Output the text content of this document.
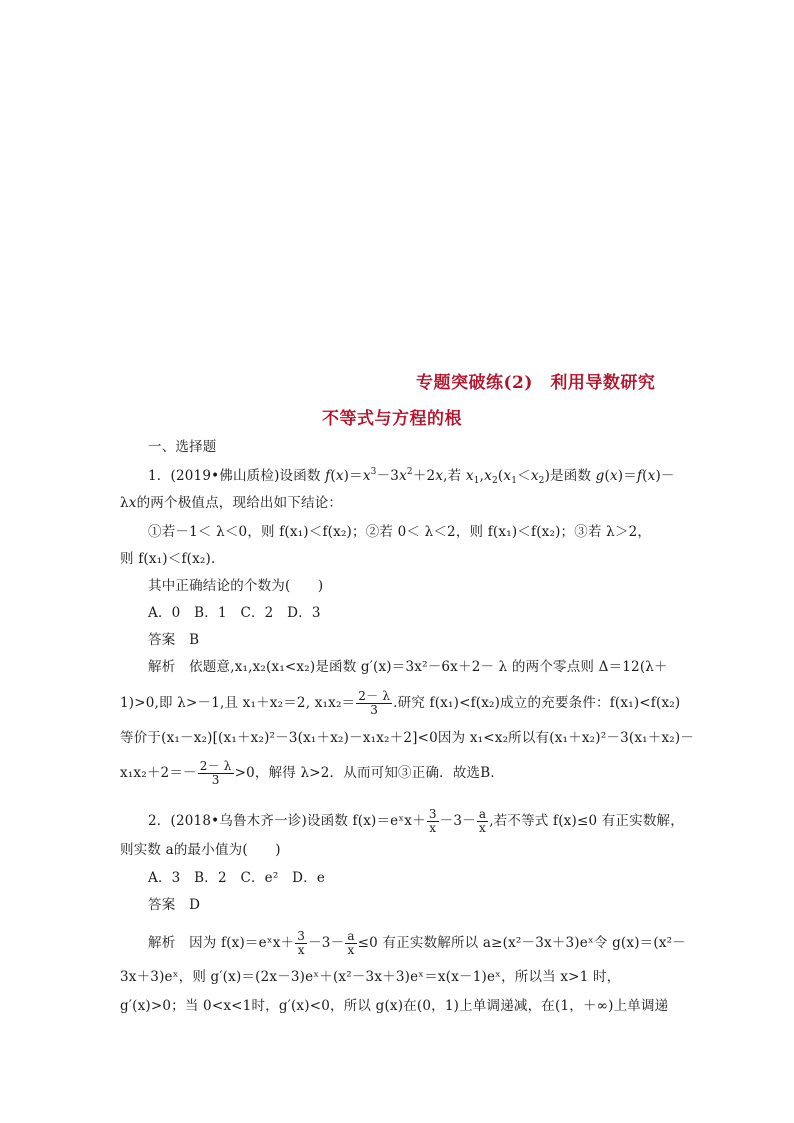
专题突破练(2)　利用导数研究
不等式与方程的根
一、选择题
1．(2019•佛山质检)设函数 $f(x)=x^3-3x^2+2x$,若 $x_1,x_2(x_1<x_2)$是函数 g(x)＝f(x)－
λx的两个极值点，现给出如下结论：
①若－1＜ λ＜0，则 f(x₁)＜f(x₂)；②若 0＜ λ＜2，则 f(x₁)＜f(x₂)；③若 λ＞2，
则 f(x₁)＜f(x₂).
其中正确结论的个数为(　　)
A．0　B．1　C．2　D．3
答案　B
解析　依题意,x₁,x₂(x₁<x₂)是函数 g′(x)＝3x²－6x＋2－ λ 的两个零点则 Δ＝12(λ＋
1)>0,即 λ>－1,且 x₁＋x₂＝2, $x_1x_2= \frac{2- \lambda}{3}$ .研究 f(x₁)<f(x₂)成立的充要条件：f(x₁)<f(x₂)
等价于(x₁－x₂)[(x₁＋x₂)²－3(x₁＋x₂)－x₁x₂＋2]<0因为 x₁<x₂所以有(x₁＋x₂)²－3(x₁＋x₂)－
$x_1x_2+2=- \frac{2- \lambda}{3} >0$，解得 λ>2．从而可知③正确．故选B．
2．(2018•乌鲁木齐一诊)设函数 f(x)＝eˣx＋ $\frac{3}{x} -3- \frac{a}{x}$ ,若不等式 f(x)≤0 有正实数解，
则实数 a的最小值为(　　)
A．3　B．2　C．e²　D．e
答案　D
解析　因为 f(x)＝eˣx＋ $\frac{3}{x} -3- \frac{a}{x} \le 0$ 有正实数解所以 a≥(x²－3x＋3)eˣ令 g(x)＝(x²－
3x＋3)eˣ，则 g′(x)＝(2x－3)eˣ＋(x²－3x＋3)eˣ＝x(x－1)eˣ，所以当 x>1 时，
g′(x)>0；当 0<x<1时，g′(x)<0，所以 g(x)在(0，1)上单调递减，在(1，＋∞)上单调递
